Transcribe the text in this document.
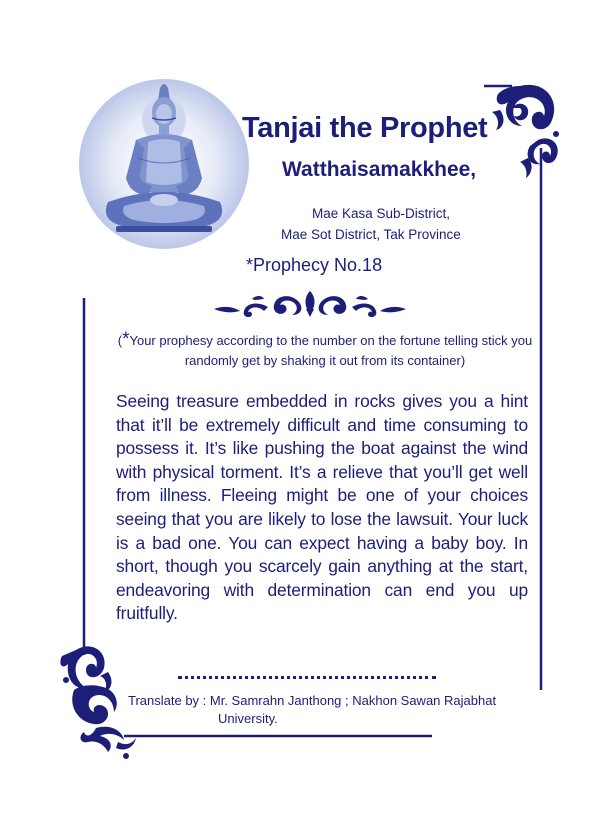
Tanjai the Prophet
Watthaisamakkhee,
Mae Kasa Sub-District,
Mae Sot District, Tak Province
*Prophecy No.18
(*Your prophesy according to the number on the fortune telling stick you randomly get by shaking it out from its container)
Seeing treasure embedded in rocks gives you a hint that it’ll be extremely difficult and time consuming to possess it. It’s like pushing the boat against the wind with physical torment. It’s a relieve that you’ll get well from illness. Fleeing might be one of your choices seeing that you are likely to lose the lawsuit. Your luck is a bad one. You can expect having a baby boy. In short, though you scarcely gain anything at the start, endeavoring with determination can end you up fruitfully.
Translate by : Mr. Samrahn Janthong ; Nakhon Sawan Rajabhat
University.
